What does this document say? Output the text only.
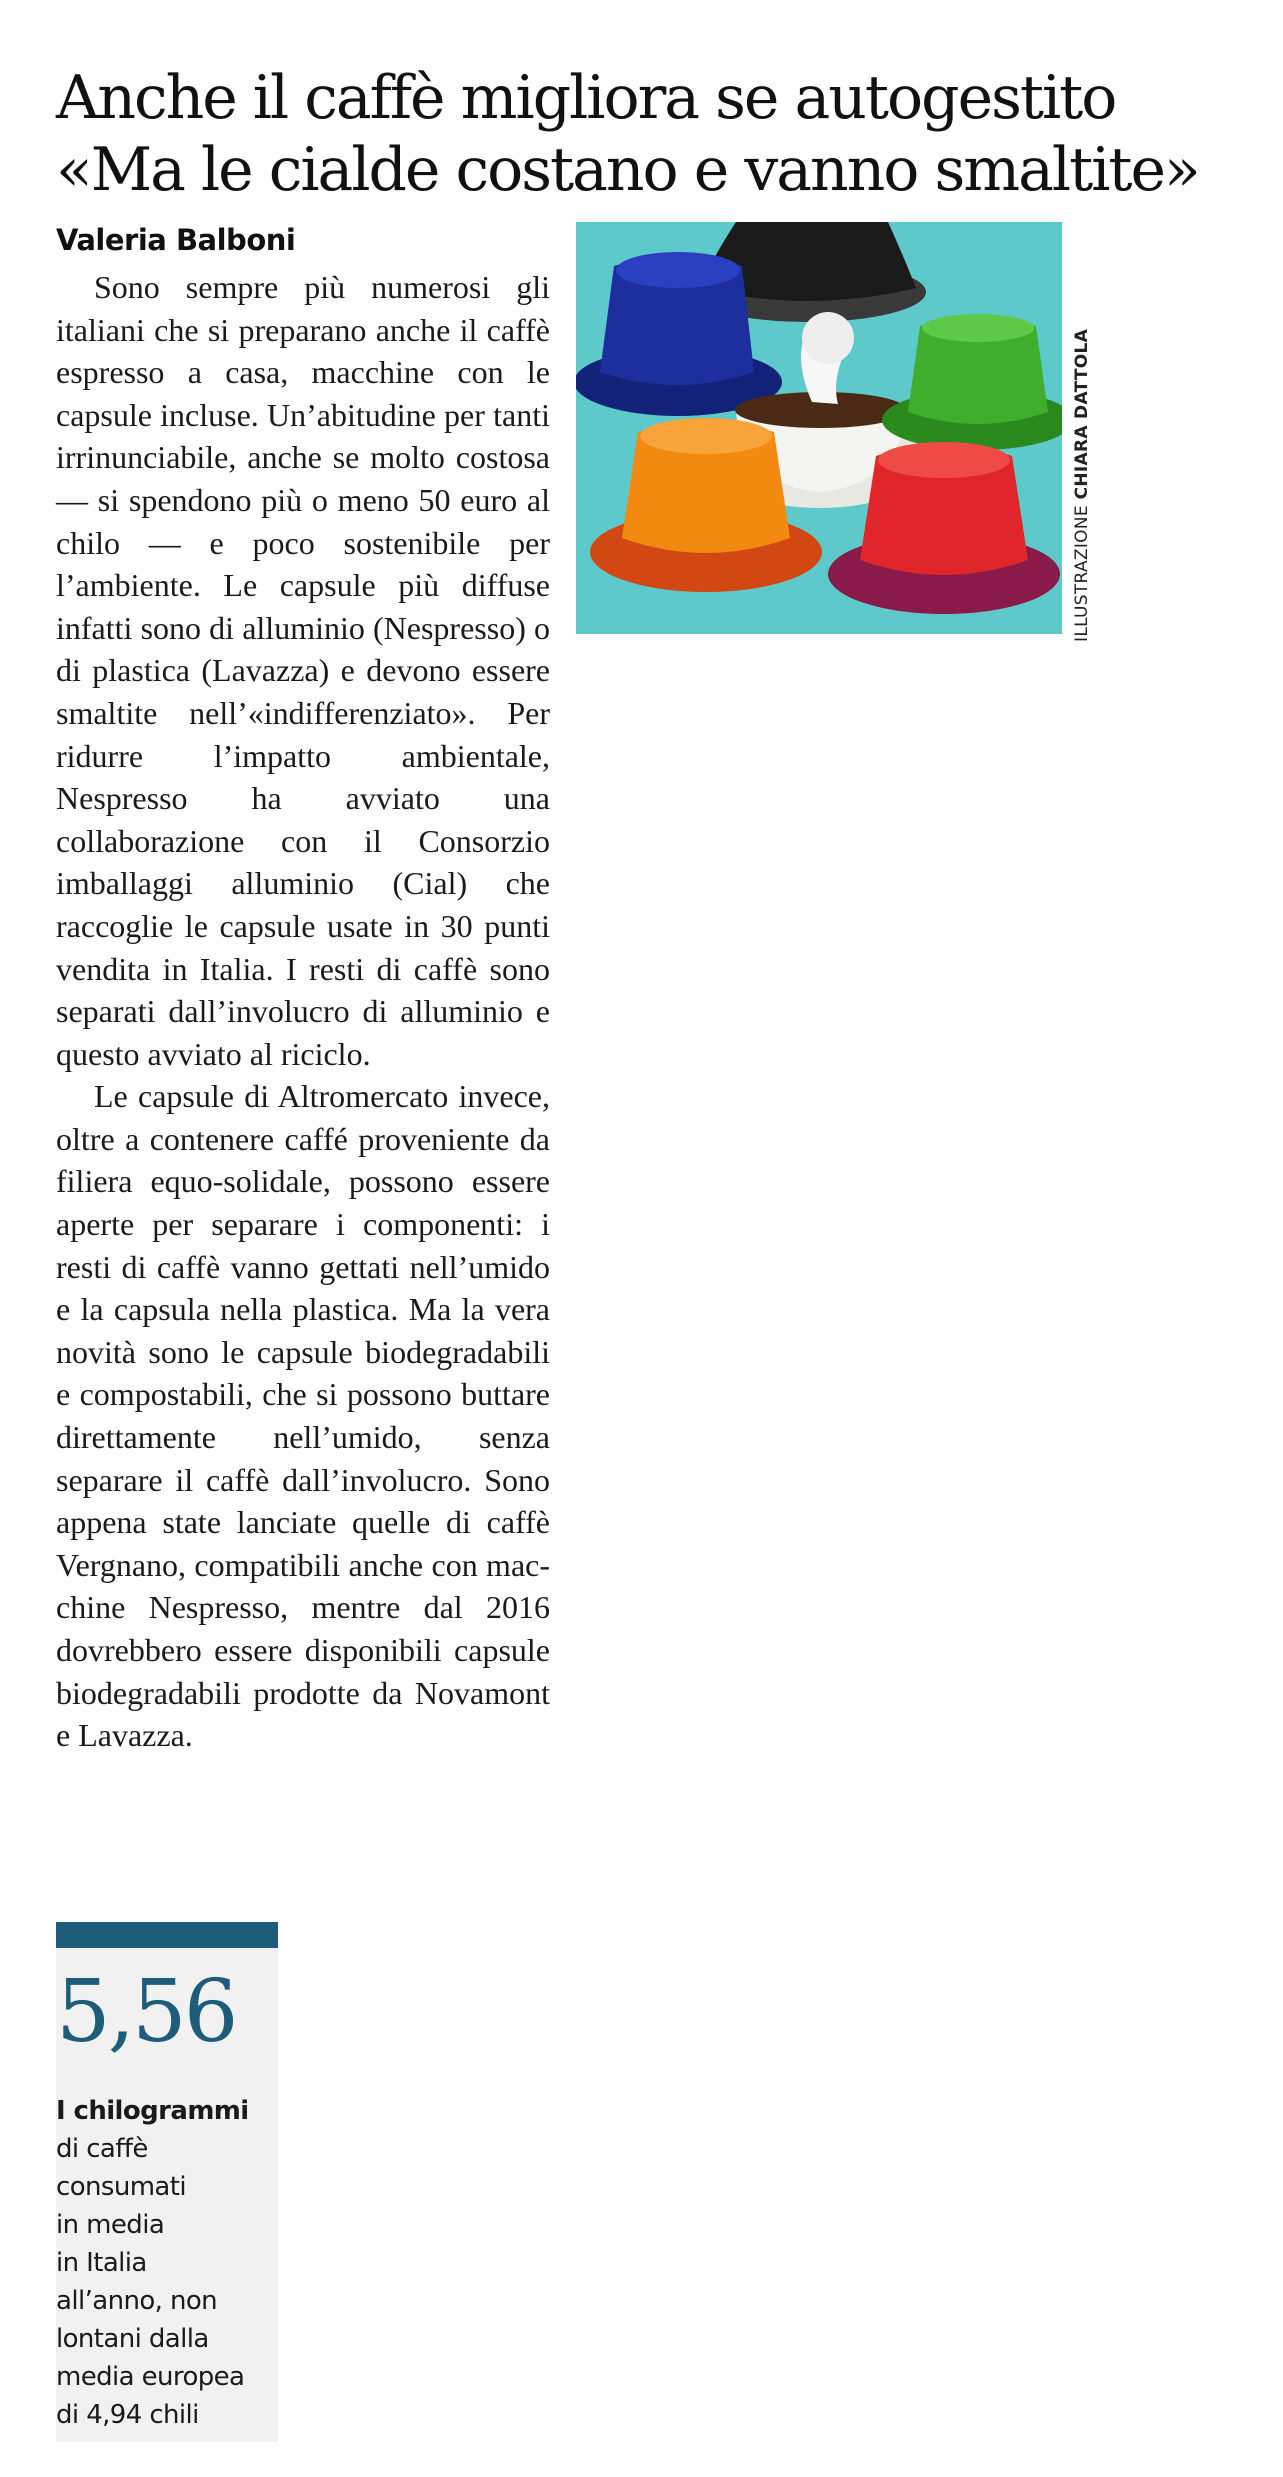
Anche il caffè migliora se autogestito
«Ma le cialde costano e vanno smaltite»
Valeria Balboni

Sono sempre più numerosi gli italiani che si preparano anche il caffè espresso a casa, macchine con le capsule incluse. Un’abitudine per tanti irrinunciabile, anche se molto costosa — si spendono più o meno 50 euro al chilo — e poco sostenibile per l’ambiente. Le capsule più diffuse infatti sono di alluminio (Nespresso) o di plastica (Lavazza) e devono essere smaltite nell’«indifferenziato». Per ridurre l’impatto ambientale, Nespresso ha avviato una collaborazione con il Consorzio imballaggi alluminio (Cial) che raccoglie le capsule usate in 30 punti vendita in Italia. I resti di caffè sono separati dall’involucro di alluminio e questo avviato al riciclo.

Le capsule di Altromercato invece, oltre a contenere caffé proveniente da filiera equo-solidale, possono essere aperte per separare i componenti: i resti di caffè vanno gettati nell’umido e la capsula nella plastica. Ma la vera novità sono le capsule biodegradabili e compostabili, che si possono buttare direttamente nell’umido, senza separare il caffè dall’involucro. Sono appena state lanciate quelle di caffè Vergnano, compatibili anche con macchine Nespresso, mentre dal 2016 dovrebbero essere disponibili capsule biodegradabili prodotte da Novamont e Lavazza.

ILLUSTRAZIONE CHIARA DATTOLA
5,56
I chilogrammi
di caffè
consumati
in media
in Italia
all’anno, non
lontani dalla
media europea
di 4,94 chili
